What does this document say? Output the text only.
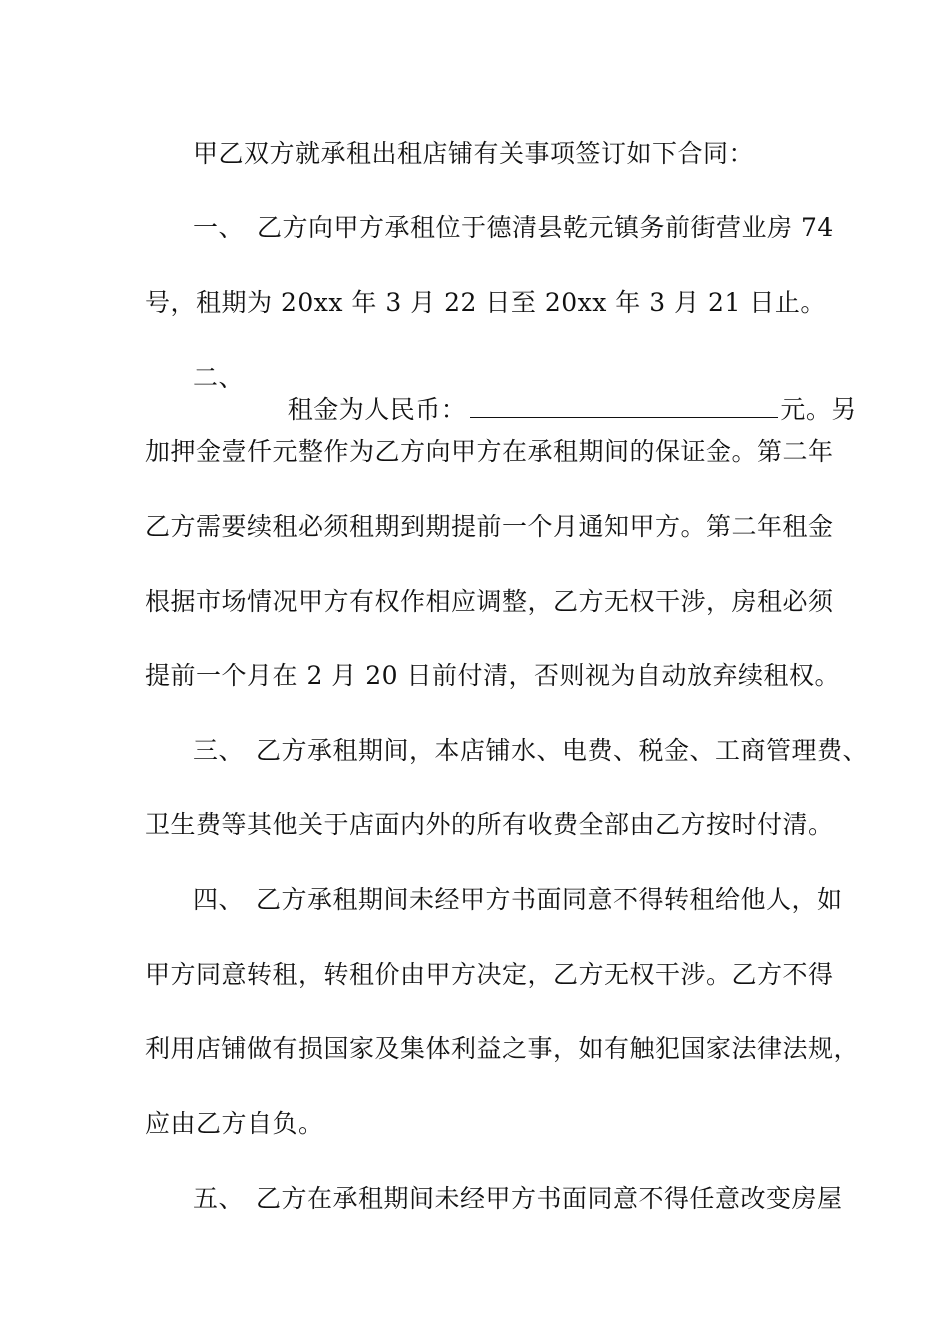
甲乙双方就承租出租店铺有关事项签订如下合同：
一、 乙方向甲方承租位于德清县乾元镇务前街营业房 74
号，租期为 20xx 年 3 月 22 日至 20xx 年 3 月 21 日止。
二、

租金为人民币：	元。另

加押金壹仟元整作为乙方向甲方在承租期间的保证金。第二年
乙方需要续租必须租期到期提前一个月通知甲方。第二年租金
根据市场情况甲方有权作相应调整，乙方无权干涉，房租必须
提前一个月在 2 月 20 日前付清，否则视为自动放弃续租权。
三、 乙方承租期间，本店铺水、电费、税金、工商管理费、
卫生费等其他关于店面内外的所有收费全部由乙方按时付清。
四、 乙方承租期间未经甲方书面同意不得转租给他人，如
甲方同意转租，转租价由甲方决定，乙方无权干涉。乙方不得
利用店铺做有损国家及集体利益之事，如有触犯国家法律法规，
应由乙方自负。
五、 乙方在承租期间未经甲方书面同意不得任意改变房屋
